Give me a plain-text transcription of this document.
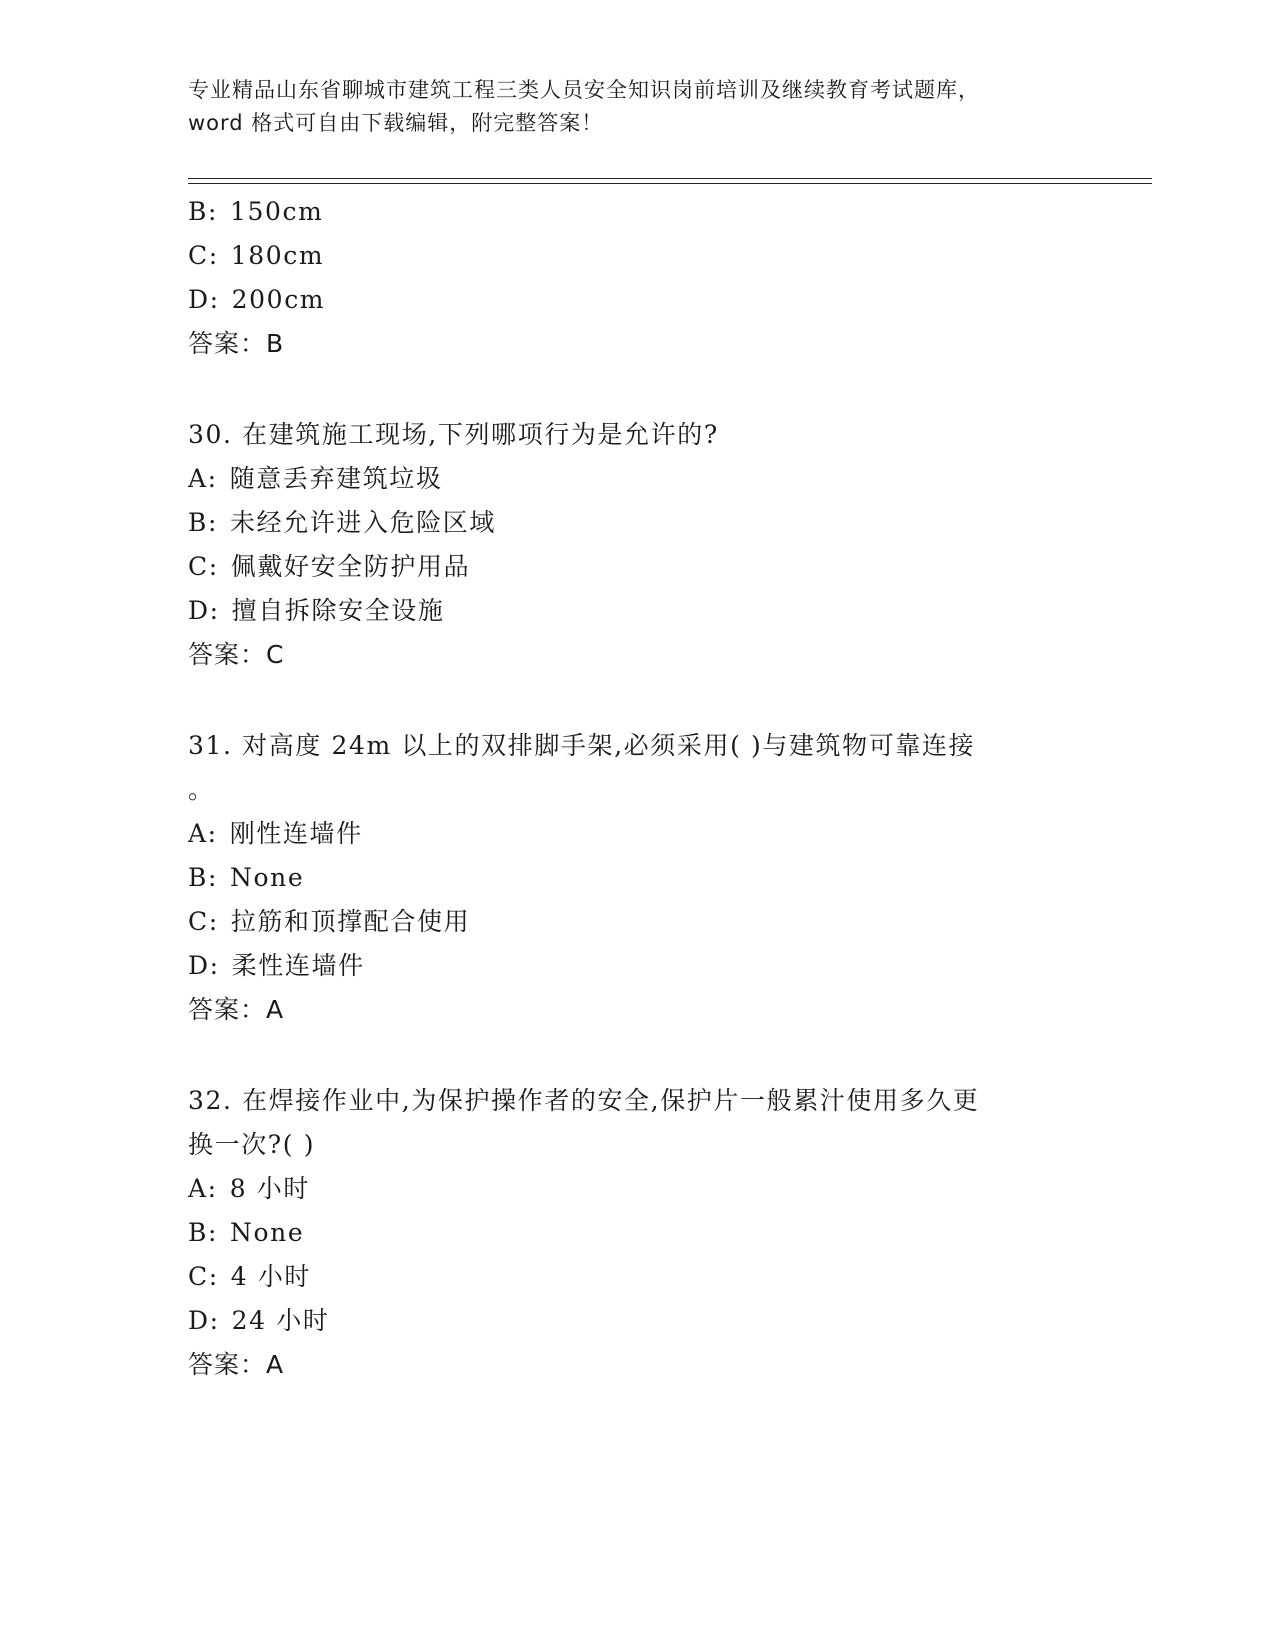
专业精品山东省聊城市建筑工程三类人员安全知识岗前培训及继续教育考试题库，
word 格式可自由下载编辑，附完整答案！
B: 150cm
C: 180cm
D: 200cm
答案：B
30. 在建筑施工现场,下列哪项行为是允许的?
A: 随意丢弃建筑垃圾
B: 未经允许进入危险区域
C: 佩戴好安全防护用品
D: 擅自拆除安全设施
答案：C
31. 对高度 24m 以上的双排脚手架,必须采用( )与建筑物可靠连接
。
A: 刚性连墙件
B: None
C: 拉筋和顶撑配合使用
D: 柔性连墙件
答案：A
32. 在焊接作业中,为保护操作者的安全,保护片一般累汁使用多久更
换一次?( )
A: 8 小时
B: None
C: 4 小时
D: 24 小时
答案：A
